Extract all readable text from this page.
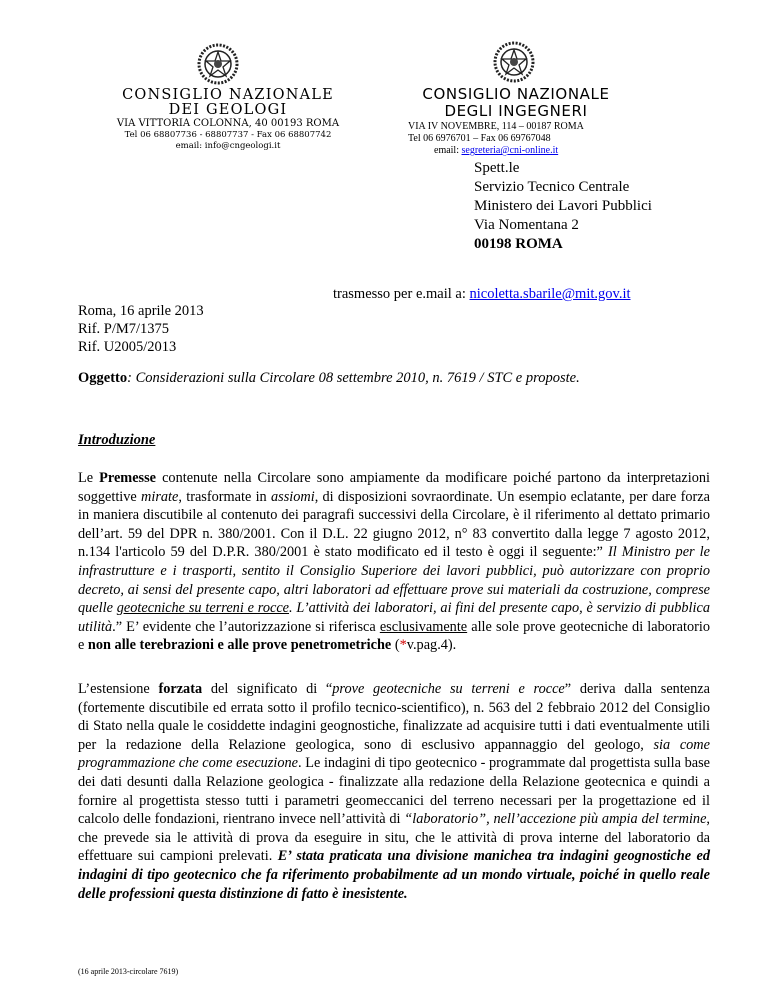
CONSIGLIO NAZIONALE
DEI GEOLOGI
VIA VITTORIA COLONNA, 40 00193 ROMA
Tel 06 68807736 - 68807737 - Fax 06 68807742
email: info@cngeologi.it
CONSIGLIO NAZIONALE
DEGLI INGEGNERI
VIA IV NOVEMBRE, 114 – 00187 ROMA
Tel 06 6976701 – Fax 06 69767048
email: segreteria@cni-online.it
Spett.le
Servizio Tecnico Centrale
Ministero dei Lavori Pubblici
Via Nomentana 2
00198 ROMA
trasmesso per e.mail a: nicoletta.sbarile@mit.gov.it
Roma, 16 aprile 2013
Rif. P/M7/1375
Rif. U2005/2013
Oggetto: Considerazioni sulla Circolare 08 settembre 2010, n. 7619 / STC e proposte.
Introduzione
Le Premesse contenute nella Circolare sono ampiamente da modificare poiché partono da interpretazioni soggettive mirate, trasformate in assiomi, di disposizioni sovraordinate. Un esempio eclatante, per dare forza in maniera discutibile al contenuto dei paragrafi successivi della Circolare, è il riferimento al dettato primario dell’art. 59 del DPR n. 380/2001. Con il D.L. 22 giugno 2012, n° 83 convertito dalla legge 7 agosto 2012, n.134 l'articolo 59 del D.P.R. 380/2001 è stato modificato ed il testo è oggi il seguente:” Il Ministro per le infrastrutture e i trasporti, sentito il Consiglio Superiore dei lavori pubblici, può autorizzare con proprio decreto, ai sensi del presente capo, altri laboratori ad effettuare prove sui materiali da costruzione, comprese quelle geotecniche su terreni e rocce. L’attività dei laboratori, ai fini del presente capo, è servizio di pubblica utilità.” E’ evidente che l’autorizzazione si riferisca esclusivamente alle sole prove geotecniche di laboratorio e non alle terebrazioni e alle prove penetrometriche (*v.pag.4).
L’estensione forzata del significato di “prove geotecniche su terreni e rocce” deriva dalla sentenza (fortemente discutibile ed errata sotto il profilo tecnico-scientifico), n. 563 del 2 febbraio 2012 del Consiglio di Stato nella quale le cosiddette indagini geognostiche, finalizzate ad acquisire tutti i dati eventualmente utili per la redazione della Relazione geologica, sono di esclusivo appannaggio del geologo, sia come programmazione che come esecuzione. Le indagini di tipo geotecnico - programmate dal progettista sulla base dei dati desunti dalla Relazione geologica - finalizzate alla redazione della Relazione geotecnica e quindi a fornire al progettista stesso tutti i parametri geomeccanici del terreno necessari per la progettazione ed il calcolo delle fondazioni, rientrano invece nell’attività di “laboratorio”, nell’accezione più ampia del termine, che prevede sia le attività di prova da eseguire in situ, che le attività di prova interne del laboratorio da effettuare sui campioni prelevati. E’ stata praticata una divisione manichea tra indagini geognostiche ed indagini di tipo geotecnico che fa riferimento probabilmente ad un mondo virtuale, poiché in quello reale delle professioni questa distinzione di fatto è inesistente.
(16 aprile 2013-circolare 7619)
